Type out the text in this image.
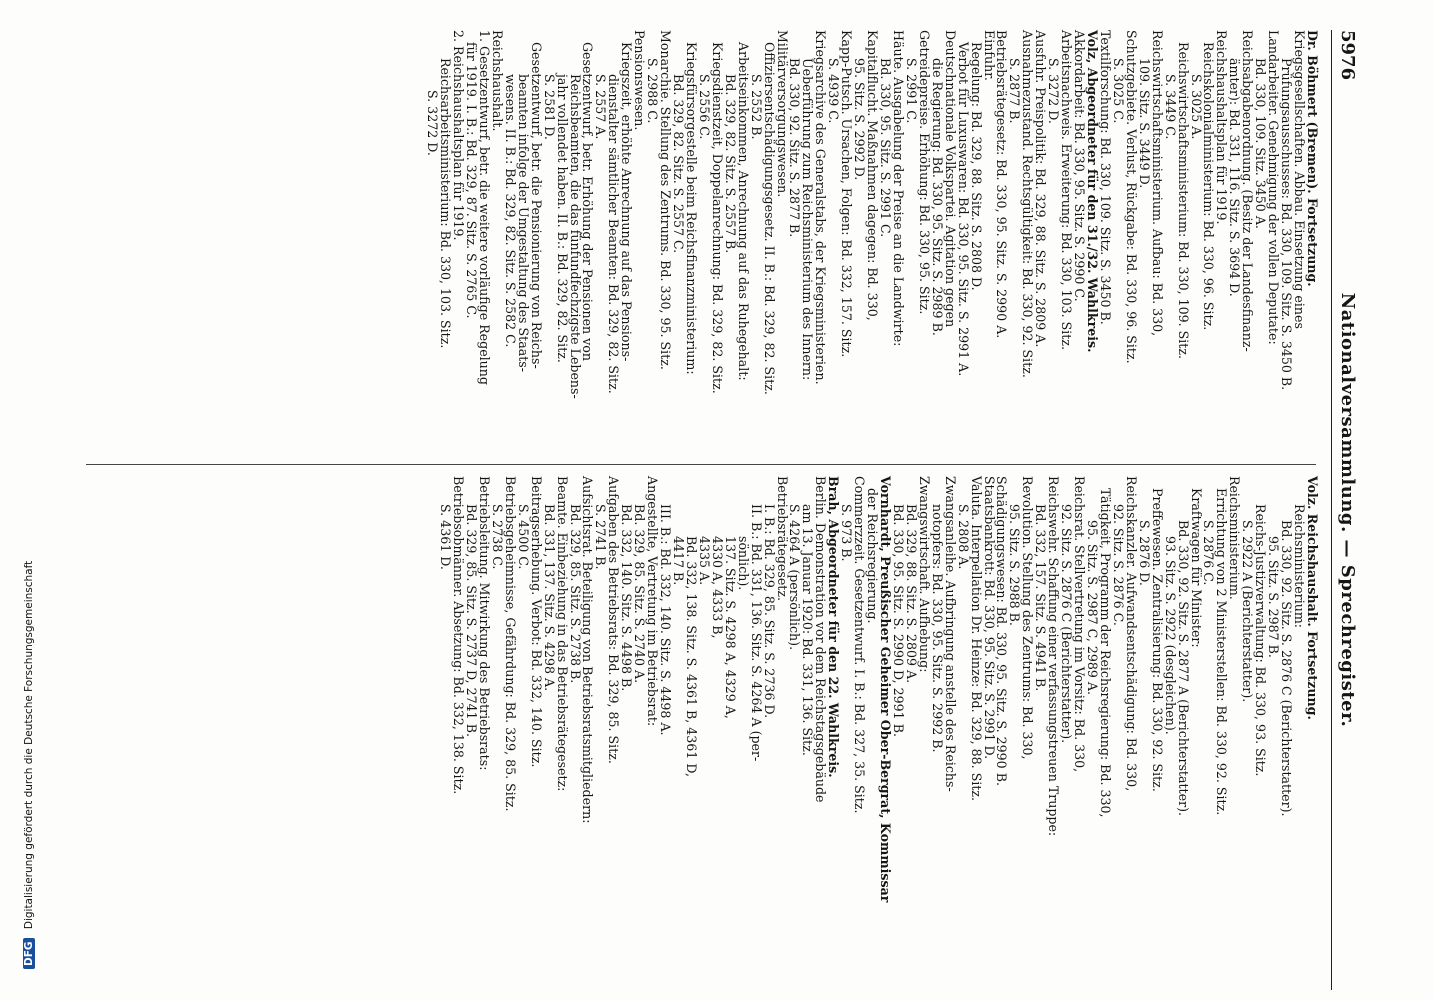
5976
Nationalversammlung. — Sprechregister.
Dr. Böhmert (Bremen). Fortsetzung.
Kriegsgesellschaften. Abbau. Einsetzung eines
Prüfungsausschusses: Bd. 330, 109. Sitz. S. 3450 B.
Landarbeiter. Genehmigung der vollen Deputate:
Bd. 330, 109. Sitz. 3450 A.
Reichsabgabenordnung. (Besitz der Landesfinanz-
ämter): Bd. 331, 116. Sitz. S. 3694 D.
Reichshaushaltsplan für 1919.
Reichskolonialministerium: Bd. 330, 96. Sitz.
S. 3025 A.
Reichswirtschaftsministerium: Bd. 330, 109. Sitz.
S. 3449 C.
Reichswirtschaftsministerium. Aufbau: Bd. 330,
109. Sitz. S. 3449 D.
Schutzgebiete. Verlust, Rückgabe: Bd. 330, 96. Sitz.
S. 3025 C.
Textilforschung: Bd. 330, 109. Sitz. S. 3450 B.
Volz, Abgeordneter für den 31./32. Wahlkreis.
Akkordarbeit: Bd. 330, 95. Sitz. S. 2990 C.
Arbeitsnachweis. Erweiterung: Bd. 330, 103. Sitz.
S. 3272 D.
Ausfuhr. Preispolitik: Bd. 329, 88. Sitz. S. 2809 A.
Ausnahmezustand. Rechtsgültigkeit: Bd. 330, 92. Sitz.
S. 2877 B.
Betriebsrätegesetz: Bd. 330, 95. Sitz. S. 2990 A.
Einfuhr.
Regelung: Bd. 329, 88. Sitz. S. 2808 D.
Verbot für Luxuswaren: Bd. 330, 95. Sitz. S. 2991 A.
Deutschnationale Volkspartei. Agitation gegen
die Regierung: Bd. 330, 95. Sitz. S. 2989 B.
Getreidepreise. Erhöhung: Bd. 330, 95. Sitz.
S. 2991 C.
Häute. Ausgabelung der Preise an die Landwirte:
Bd. 330, 95. Sitz. S. 2991 C.
Kapitalflucht. Maßnahmen dagegen: Bd. 330,
95. Sitz. S. 2992 D.
Kapp-Putsch. Ursachen, Folgen: Bd. 332, 157. Sitz.
S. 4939 C.
Kriegsarchive des Generalstabs, der Kriegsministerien.
Ueberführung zum Reichsministerium des Innern:
Bd. 330, 92. Sitz. S. 2877 B.
Militärversorgungswesen.
Offiziersentschädigungsgesetz. II. B.: Bd. 329, 82. Sitz.
S. 2552 B.
Arbeitseinkommen, Anrechnung auf das Ruhegehalt:
Bd. 329, 82. Sitz. S. 2557 B.
Kriegsdienstzeit, Doppelanrechnung: Bd. 329, 82. Sitz.
S. 2556 C.
Kriegsfürsorgestelle beim Reichsfinanzministerium:
Bd. 329, 82. Sitz. S. 2557 C.
Monarchie. Stellung des Zentrums. Bd. 330, 95. Sitz.
S. 2988 C.
Pensionswesen.
Kriegszeit, erhöhte Anrechnung auf das Pensions-
dienstalter sämtlicher Beamten: Bd. 329, 82. Sitz.
S. 2557 A.
Gesetzentwurf, betr. Erhöhung der Pensionen von
Reichsbeamten, die das fünfundfechzigste Lebens-
jahr vollendet haben. II. B.: Bd. 329, 82. Sitz.
S. 2581 D.
Gesetzentwurf, betr. die Pensionierung von Reichs-
beamten infolge der Umgestaltung des Staats-
wesens. II. B.: Bd. 329, 82. Sitz. S. 2582 C.
Reichshaushalt.
1. Gesetzentwurf, betr. die weitere vorläufige Regelung
für 1919. I. B.: Bd. 329, 87. Sitz. S. 2765 C.
2. Reichshaushaltsplan für 1919.
Reichsarbeitsministerium: Bd. 330, 103. Sitz.
S. 3272 D.
Volz. Reichshaushalt. Fortsetzung.
Reichsministerium:
Bd. 330, 92. Sitz. S. 2876 C (Berichterstatter).
95. Sitz. S. 2987 B.
Reichs-Justizverwaltung: Bd. 330, 93. Sitz.
S. 2922 A (Berichterstatter).
Reichsministerium.
Errichtung von 2 Ministerstellen: Bd. 330, 92. Sitz.
S. 2876 C.
Kraftwagen für Minister:
Bd. 330, 92. Sitz. S. 2877 A (Berichterstatter).
93. Sitz. S. 2922 (desgleichen).
Preffewesen. Zentralisierung: Bd. 330, 92. Sitz.
S. 2876 D.
Reichskanzler. Aufwandsentschädigung: Bd. 330,
92. Sitz. S. 2876 C.
Tätigkeit, Programm der Reichsregierung: Bd. 330,
95. Sitz. S. 2987 C, 2989 A.
Reichsrat. Stellvertretung im Vorsitz: Bd. 330,
92. Sitz. S. 2876 C (Berichterstatter).
Reichswehr. Schaffung einer verfassungstreuen Truppe:
Bd. 332, 157. Sitz. S. 4941 B.
Revolution. Stellung des Zentrums: Bd. 330,
95. Sitz. S. 2988 B.
Schädigungswesen: Bd. 330, 95. Sitz. S. 2990 B.
Staatsbankrott: Bd. 330, 95. Sitz. S. 2991 D.
Valuta. Interpellation Dr. Heinze: Bd. 329, 88. Sitz.
S. 2808 A.
Zwangsanleihe. Aufbringung anstelle des Reichs-
notopfers: Bd. 330, 95. Sitz. S. 2992 B.
Zwangswirtschaft. Aufhebung:
Bd. 329, 88. Sitz. S. 2809 A.
Bd. 330, 95. Sitz. S. 2990 D, 2991 B.
Vornhardt, Preußischer Geheimer Ober-Bergrat, Kommissar
der Reichsregierung.
Commerzzeit. Gesetzentwurf. I. B.: Bd. 327, 35. Sitz.
S. 973 B.
Brah, Abgeordneter für den 22. Wahlkreis.
Berlin. Demonstration vor dem Reichstagsgebäude
am 13. Januar 1920: Bd. 331, 136. Sitz.
S. 4264 A (persönlich).
Betriebsrätegesetz.
I. B.: Bd. 329, 85. Sitz. S. 2736 D.
II. B.: Bd. 331, 136. Sitz. S. 4264 A (per-
sönlich).
137. Sitz. S. 4298 A, 4329 A,
4330 A, 4333 B,
4335 A.
Bd. 332, 138. Sitz. S. 4361 B, 4361 D,
4417 B.
III. B.: Bd. 332, 140. Sitz. S. 4498 A.
Angestellte, Vertretung im Betriebsrat:
Bd. 329, 85. Sitz. S. 2740 A.
Bd. 332, 140. Sitz. S. 4498 B.
Aufgaben des Betriebsrats: Bd. 329, 85. Sitz.
S. 2741 B.
Aufsichtsrat. Beteiligung von Betriebsratsmitgliedern:
Bd. 329, 85. Sitz. S. 2738 B.
Beamte. Einbeziehung in das Betriebsrätegesetz:
Bd. 331, 137. Sitz. S. 4298 A.
Beitragserhebung. Verbot: Bd. 332, 140. Sitz.
S. 4500 C.
Betriebsgeheimnisse, Gefährdung: Bd. 329, 85. Sitz.
S. 2738 C.
Betriebsleitung. Mitwirkung des Betriebsrats:
Bd. 329, 85. Sitz. S. 2737 D, 2741 B.
Betriebsobmänner. Absetzung: Bd. 332, 138. Sitz.
S. 4361 D.
DFG Digitalisierung gefördert durch die Deutsche Forschungsgemeinschaft
